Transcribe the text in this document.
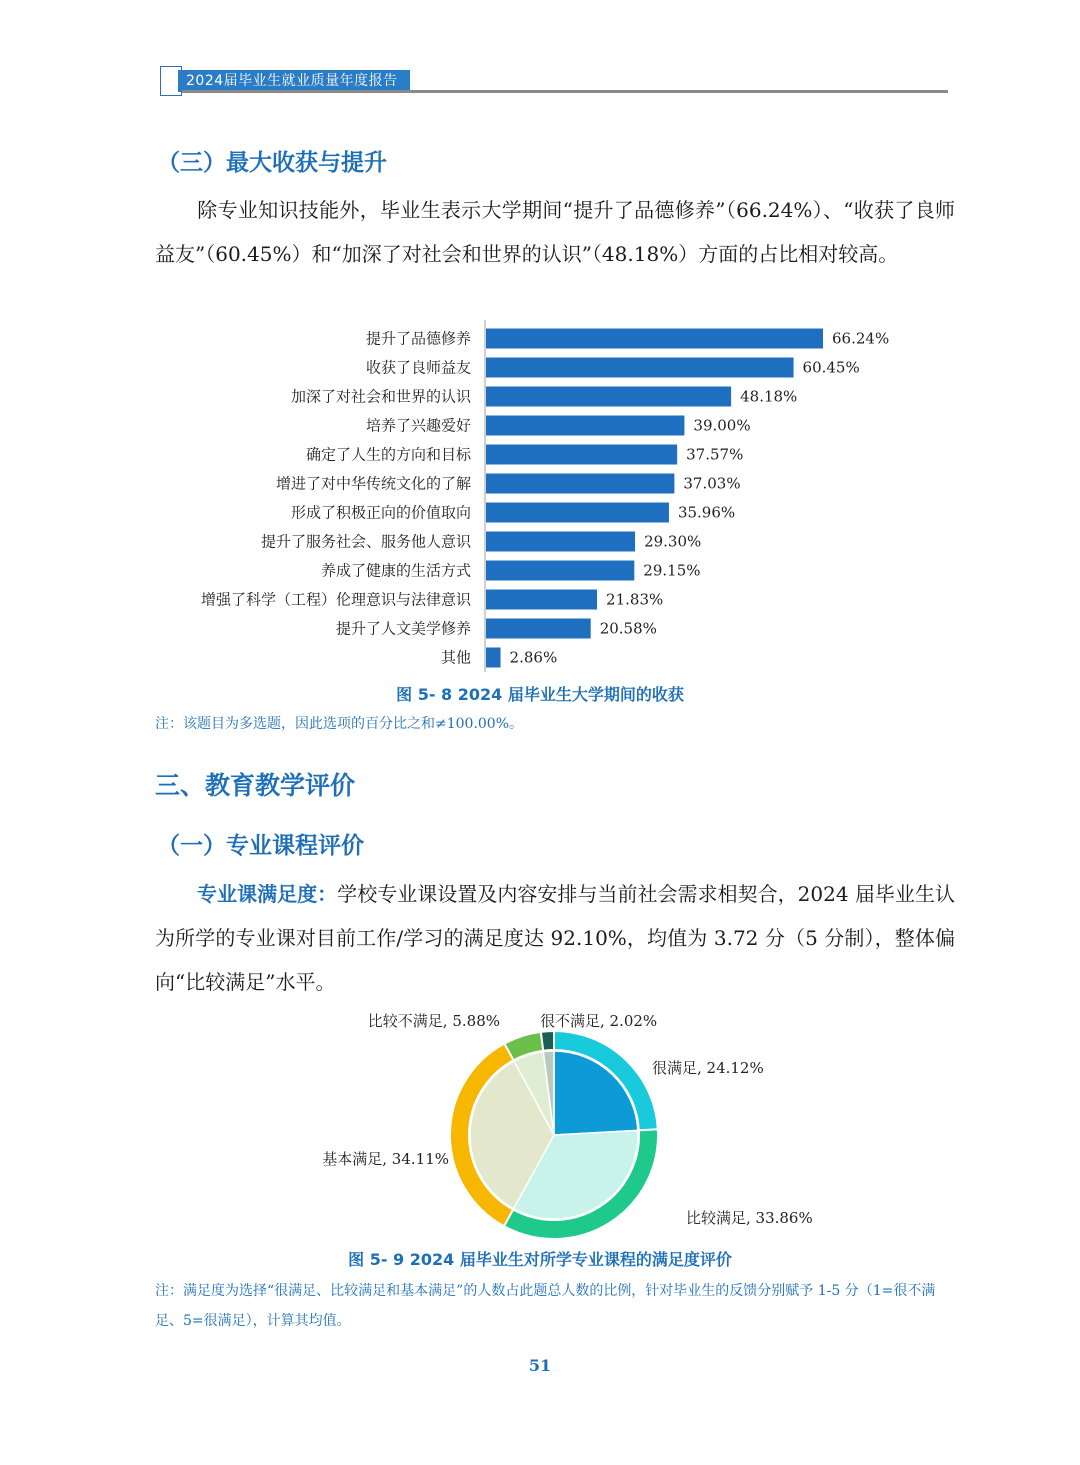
2024届毕业生就业质量年度报告
（三）最大收获与提升
除专业知识技能外，毕业生表示大学期间“提升了品德修养”（66.24%）、“收获了良师益友”（60.45%）和“加深了对社会和世界的认识”（48.18%）方面的占比相对较高。
提升了品德修养	66.24%
收获了良师益友	60.45%
加深了对社会和世界的认识	48.18%
培养了兴趣爱好	39.00%
确定了人生的方向和目标	37.57%
增进了对中华传统文化的了解	37.03%
形成了积极正向的价值取向	35.96%
提升了服务社会、服务他人意识	29.30%
养成了健康的生活方式	29.15%
增强了科学（工程）伦理意识与法律意识	21.83%
提升了人文美学修养	20.58%
其他	2.86%
图 5- 8 2024 届毕业生大学期间的收获
注：该题目为多选题，因此选项的百分比之和≠100.00%。
三、教育教学评价
（一）专业课程评价
专业课满足度：学校专业课设置及内容安排与当前社会需求相契合，2024 届毕业生认为所学的专业课对目前工作/学习的满足度达 92.10%，均值为 3.72 分（5 分制），整体偏向“比较满足”水平。
很满足, 24.12%
比较满足, 33.86%
基本满足, 34.11%
比较不满足, 5.88%	很不满足, 2.02%
图 5- 9 2024 届毕业生对所学专业课程的满足度评价
注：满足度为选择“很满足、比较满足和基本满足”的人数占此题总人数的比例，针对毕业生的反馈分别赋予 1-5 分（1=很不满足、5=很满足），计算其均值。
51
